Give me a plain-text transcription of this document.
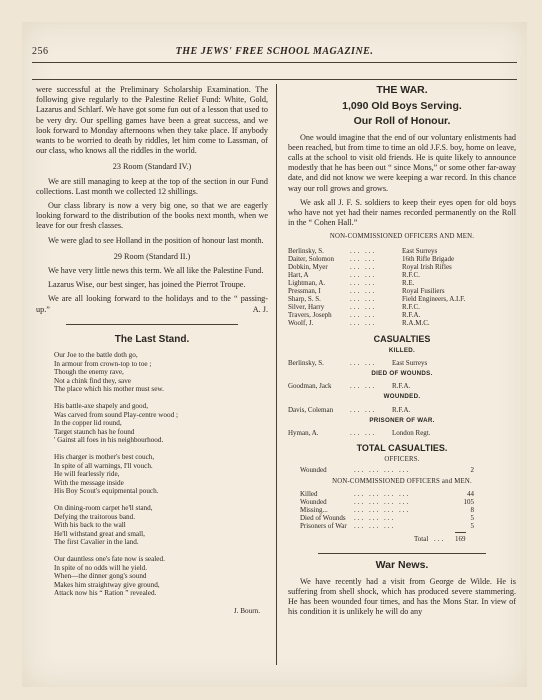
256	THE JEWS' FREE SCHOOL MAGAZINE.

were successful at the Preliminary Scholarship Examination. The following give regularly to the Palestine Relief Fund: White, Gold, Lazarus and Schlarf. We have got some fun out of a lesson that used to be very dry. Our spelling games have been a great success, and we look forward to Monday afternoons when they take place. If anybody wants to be worried to death by riddles, let him come to Lassman, of our class, who knows all the riddles in the world.

23 Room (Standard IV.)

We are still managing to keep at the top of the section in our Fund collections. Last month we collected 12 shillings.

Our class library is now a very big one, so that we are eagerly looking forward to the distribution of the books next month, when we leave for our fresh classes.

We were glad to see Holland in the position of honour last month.

29 Room (Standard II.)

We have very little news this term. We all like the Palestine Fund.

Lazarus Wise, our best singer, has joined the Pierrot Troupe.

We are all looking forward to the holidays and to the “ passing-up.”	A. J.

The Last Stand.
Our Joe to the battle doth go,
In armour from crown-top to toe ;
Though the enemy rave,
Not a chink find they, save
The place which his mother must sew.
His battle-axe shapely and good,
Was carved from sound Play-centre wood ;
In the copper lid round,
Target staunch has he found
' Gainst all foes in his neighbourhood.
His charger is mother's best couch,
In spite of all warnings, I'll vouch.
He will fearlessly ride,
With the message inside
His Boy Scout's equipmental pouch.
On dining-room carpet he'll stand,
Defying the traitorous band.
With his back to the wall
He'll withstand great and small,
The first Cavalier in the land.
Our dauntless one's fate now is sealed.
In spite of no odds will he yield.
When—the dinner gong's sound
Makes him straightway give ground,
Attack now his “ Ration ” revealed.
J. Bourn.
THE WAR.
1,090 Old Boys Serving.
Our Roll of Honour.

One would imagine that the end of our voluntary enlistments had been reached, but from time to time an old J.F.S. boy, home on leave, calls at the school to visit old friends. He is quite likely to announce modestly that he has been out “ since Mons,” or some other far-away date, and did not know we were keeping a war record. In this chance way our roll grows and grows.

We ask all J. F. S. soldiers to keep their eyes open for old boys who have not yet had their names recorded permanently on the Roll in the “ Cohen Hall.”

NON-COMMISSIONED OFFICERS AND MEN.
Berlinsky, S.	... ...	East Surreys
Daiter, Solomon	... ...	16th Rifle Brigade
Dobkin, Myer	... ...	Royal Irish Rifles
Hart, A	... ...	R.F.C.
Lightman, A.	... ...	R.E.
Pressman, I	... ...	Royal Fusiliers
Sharp, S. S.	... ...	Field Engineers, A.I.F.
Silver, Harry	... ...	R.F.C.
Travers, Joseph	... ...	R.F.A.
Woolf, J.	... ...	R.A.M.C.
CASUALTIES
KILLED.
Berlinsky, S.	... ...	East Surreys
DIED OF WOUNDS.
Goodman, Jack	... ...	R.F.A.
WOUNDED.
Davis, Coleman	... ...	R.F.A.
PRISONER OF WAR.
Hyman, A.	... ...	London Regt.
TOTAL CASUALTIES.
OFFICERS.
Wounded	... ... ... ...	2
NON-COMMISSIONED OFFICERS and MEN.
Killed	... ... ... ...	44
Wounded	... ... ... ...	105
Missing...	... ... ... ...	8
Died of Wounds	... ... ...	5
Prisoners of War	... ... ...	5
Total ... 169
War News.

We have recently had a visit from George de Wilde. He is suffering from shell shock, which has produced severe stammering. He has been wounded four times, and has the Mons Star. In view of his condition it is unlikely he will do any
